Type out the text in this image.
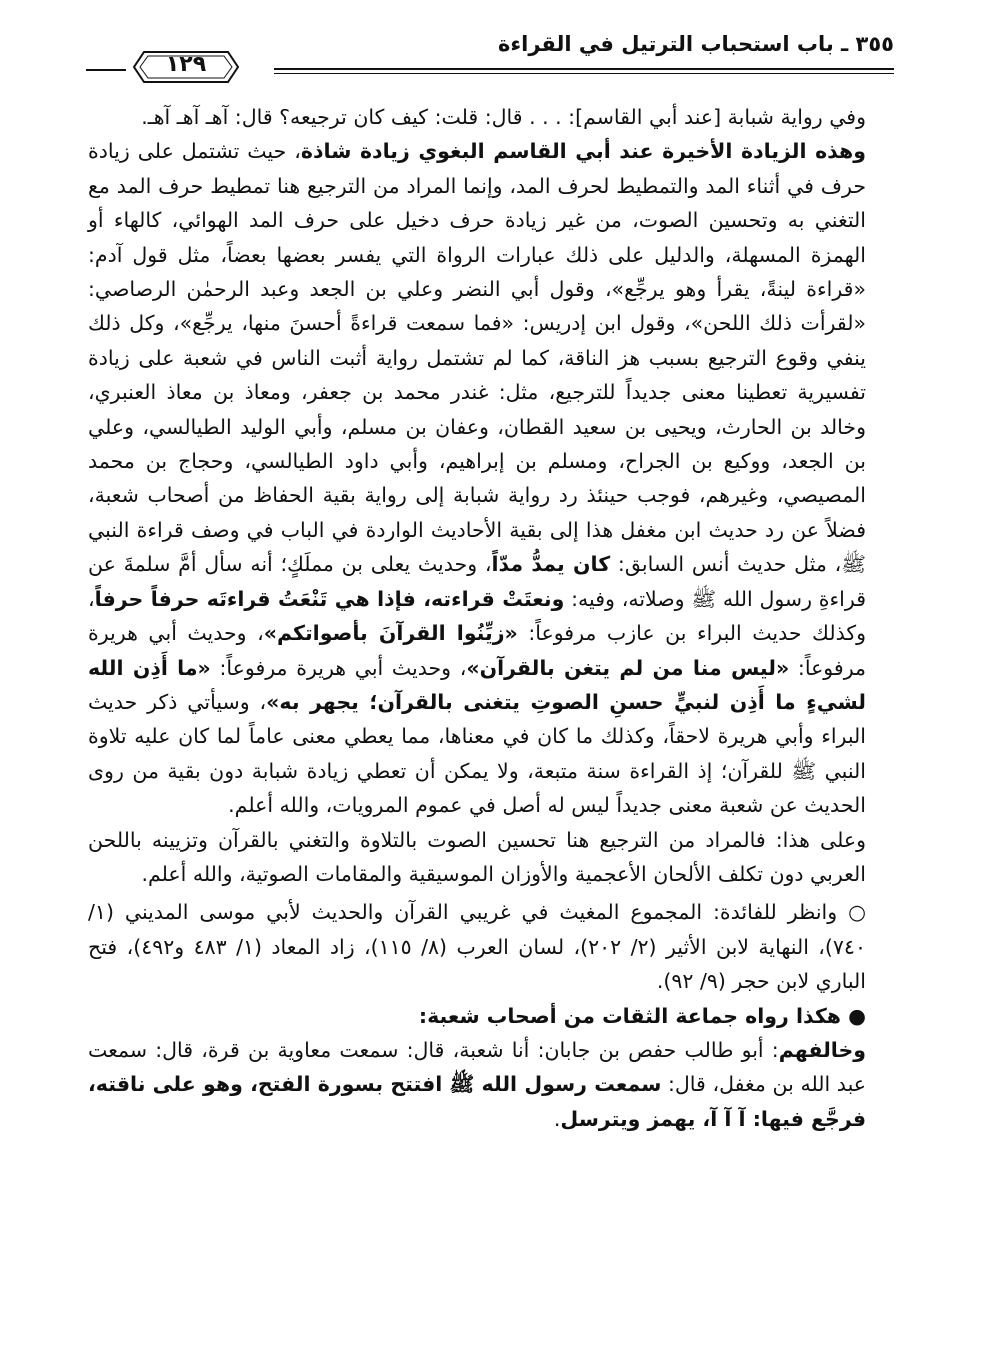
٣٥٥ ـ باب استحباب الترتيل في القراءة
١٢٩

وفي رواية شبابة [عند أبي القاسم]: . . . قال: قلت: كيف كان ترجيعه؟ قال: آهـ آهـ آهـ.

وهذه الزيادة الأخيرة عند أبي القاسم البغوي زيادة شاذة، حيث تشتمل على زيادة حرف في أثناء المد والتمطيط لحرف المد، وإنما المراد من الترجيع هنا تمطيط حرف المد مع التغني به وتحسين الصوت، من غير زيادة حرف دخيل على حرف المد الهوائي، كالهاء أو الهمزة المسهلة، والدليل على ذلك عبارات الرواة التي يفسر بعضها بعضاً، مثل قول آدم: «قراءة لينةً، يقرأ وهو يرجِّع»، وقول أبي النضر وعلي بن الجعد وعبد الرحمٰن الرصاصي: «لقرأت ذلك اللحن»، وقول ابن إدريس: «فما سمعت قراءةً أحسنَ منها، يرجِّع»، وكل ذلك ينفي وقوع الترجيع بسبب هز الناقة، كما لم تشتمل رواية أثبت الناس في شعبة على زيادة تفسيرية تعطينا معنى جديداً للترجيع، مثل: غندر محمد بن جعفر، ومعاذ بن معاذ العنبري، وخالد بن الحارث، ويحيى بن سعيد القطان، وعفان بن مسلم، وأبي الوليد الطيالسي، وعلي بن الجعد، ووكيع بن الجراح، ومسلم بن إبراهيم، وأبي داود الطيالسي، وحجاج بن محمد المصيصي، وغيرهم، فوجب حينئذ رد رواية شبابة إلى رواية بقية الحفاظ من أصحاب شعبة، فضلاً عن رد حديث ابن مغفل هذا إلى بقية الأحاديث الواردة في الباب في وصف قراءة النبي ﷺ، مثل حديث أنس السابق: كان يمدُّ مدّاً، وحديث يعلى بن مملَكٍ؛ أنه سأل أمَّ سلمةَ عن قراءةِ رسول الله ﷺ وصلاته، وفيه: ونعتَتْ قراءته، فإذا هي تَنْعَتُ قراءتَه حرفاً حرفاً، وكذلك حديث البراء بن عازب مرفوعاً: «زيِّنُوا القرآنَ بأصواتكم»، وحديث أبي هريرة مرفوعاً: «ليس منا من لم يتغن بالقرآن»، وحديث أبي هريرة مرفوعاً: «ما أَذِن الله لشيءٍ ما أَذِن لنبيٍّ حسنِ الصوتِ يتغنى بالقرآن؛ يجهر به»، وسيأتي ذكر حديث البراء وأبي هريرة لاحقاً، وكذلك ما كان في معناها، مما يعطي معنى عاماً لما كان عليه تلاوة النبي ﷺ للقرآن؛ إذ القراءة سنة متبعة، ولا يمكن أن تعطي زيادة شبابة دون بقية من روى الحديث عن شعبة معنى جديداً ليس له أصل في عموم المرويات، والله أعلم.

وعلى هذا: فالمراد من الترجيع هنا تحسين الصوت بالتلاوة والتغني بالقرآن وتزيينه باللحن العربي دون تكلف الألحان الأعجمية والأوزان الموسيقية والمقامات الصوتية، والله أعلم.

○ وانظر للفائدة: المجموع المغيث في غريبي القرآن والحديث لأبي موسى المديني (١/ ٧٤٠)، النهاية لابن الأثير (٢/ ٢٠٢)، لسان العرب (٨/ ١١٥)، زاد المعاد (١/ ٤٨٣ و٤٩٢)، فتح الباري لابن حجر (٩/ ٩٢).

● هكذا رواه جماعة الثقات من أصحاب شعبة:

وخالفهم: أبو طالب حفص بن جابان: أنا شعبة، قال: سمعت معاوية بن قرة، قال: سمعت عبد الله بن مغفل، قال: سمعت رسول الله ﷺ افتتح بسورة الفتح، وهو على ناقته، فرجَّع فيها: آ آ آ، يهمز ويترسل.
